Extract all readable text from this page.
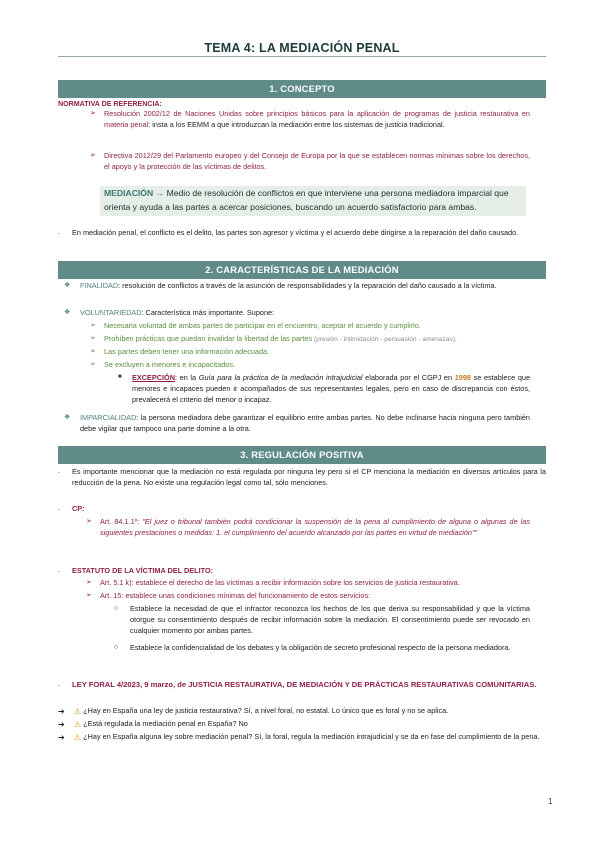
TEMA 4: LA MEDIACIÓN PENAL
1. CONCEPTO
NORMATIVA DE REFERENCIA:
➢	Resolución 2002/12 de Naciones Unidas sobre principios básicos para la aplicación de programas de justicia restaurativa en materia penal: insta a los EEMM a que introduzcan la mediación entre los sistemas de justicia tradicional.
➢	Directiva 2012/29 del Parlamento europeo y del Consejo de Europa por la que se establecen normas mínimas sobre los derechos, el apoyo y la protección de las víctimas de delitos.
MEDIACIÓN → Medio de resolución de conflictos en que interviene una persona mediadora imparcial que orienta y ayuda a las partes a acercar posiciones, buscando un acuerdo satisfactorio para ambas.
.	En mediación penal, el conflicto es el delito, las partes son agresor y víctima y el acuerdo debe dirigirse a la reparación del daño causado.
2. CARACTERÍSTICAS DE LA MEDIACIÓN
❖	FINALIDAD: resolución de conflictos a través de la asunción de responsabilidades y la reparación del daño causado a la víctima.
❖	VOLUNTARIEDAD: Característica más importante. Supone:
➢	Necesaria voluntad de ambas partes de participar en el encuentro, aceptar el acuerdo y cumplirlo.
➢	Prohíben prácticas que puedan invalidar la libertad de las partes (presión - intimidación - persuasión - amenazas).
➢	Las partes deben tener una información adecuada.
➢	Se excluyen a menores e incapacitados.
■	EXCEPCIÓN: en la Guía para la práctica de la mediación intrajudicial elaborada por el CGPJ en 1998 se establece que menores e incapaces pueden ir acompañados de sus representantes legales, pero en caso de discrepancia con éstos, prevalecerá el criterio del menor o incapaz.
❖	IMPARCIALIDAD: la persona mediadora debe garantizar el equilibrio entre ambas partes. No debe inclinarse hacia ninguna pero también debe vigilar que tampoco una parte domine a la otra.
3. REGULACIÓN POSITIVA
.	Es importante mencionar que la mediación no está regulada por ninguna ley pero si el CP menciona la mediación en diversos artículos para la reducción de la pena. No existe una regulación legal como tal, sólo menciones.
.	CP:
➢	Art. 84.1.1º: "El juez o tribunal también podrá condicionar la suspensión de la pena al cumplimiento de alguna o algunas de las siguientes prestaciones o medidas: 1. el cumplimiento del acuerdo alcanzado por las partes en virtud de mediación""
.	ESTATUTO DE LA VÍCTIMA DEL DELITO:
➢	Art. 5.1 k): establece el derecho de las víctimas a recibir información sobre los servicios de justicia restaurativa.
➢	Art. 15: establece unas condiciones mínimas del funcionamiento de estos servicios:
○	Establece la necesidad de que el infractor reconozca los hechos de los que deriva su responsabilidad y que la víctima otorgue su consentimiento después de recibir información sobre la mediación. El consentimiento puede ser revocado en cualquier momento por ambas partes.
○	Establece la confidencialidad de los debates y la obligación de secreto profesional respecto de la persona mediadora.
.	LEY FORAL 4/2023, 9 marzo, de JUSTICIA RESTAURATIVA, DE MEDIACIÓN Y DE PRÁCTICAS RESTAURATIVAS COMUNITARIAS.
➔	⚠ ¿Hay en España una ley de justicia restaurativa? Sí, a nivel foral, no estatal. Lo único que es foral y no se aplica.
➔	⚠ ¿Está regulada la mediación penal en España? No
➔	⚠ ¿Hay en España alguna ley sobre mediación penal? Sí, la foral, regula la mediación intrajudicial y se da en fase del cumplimiento de la pena.
1
